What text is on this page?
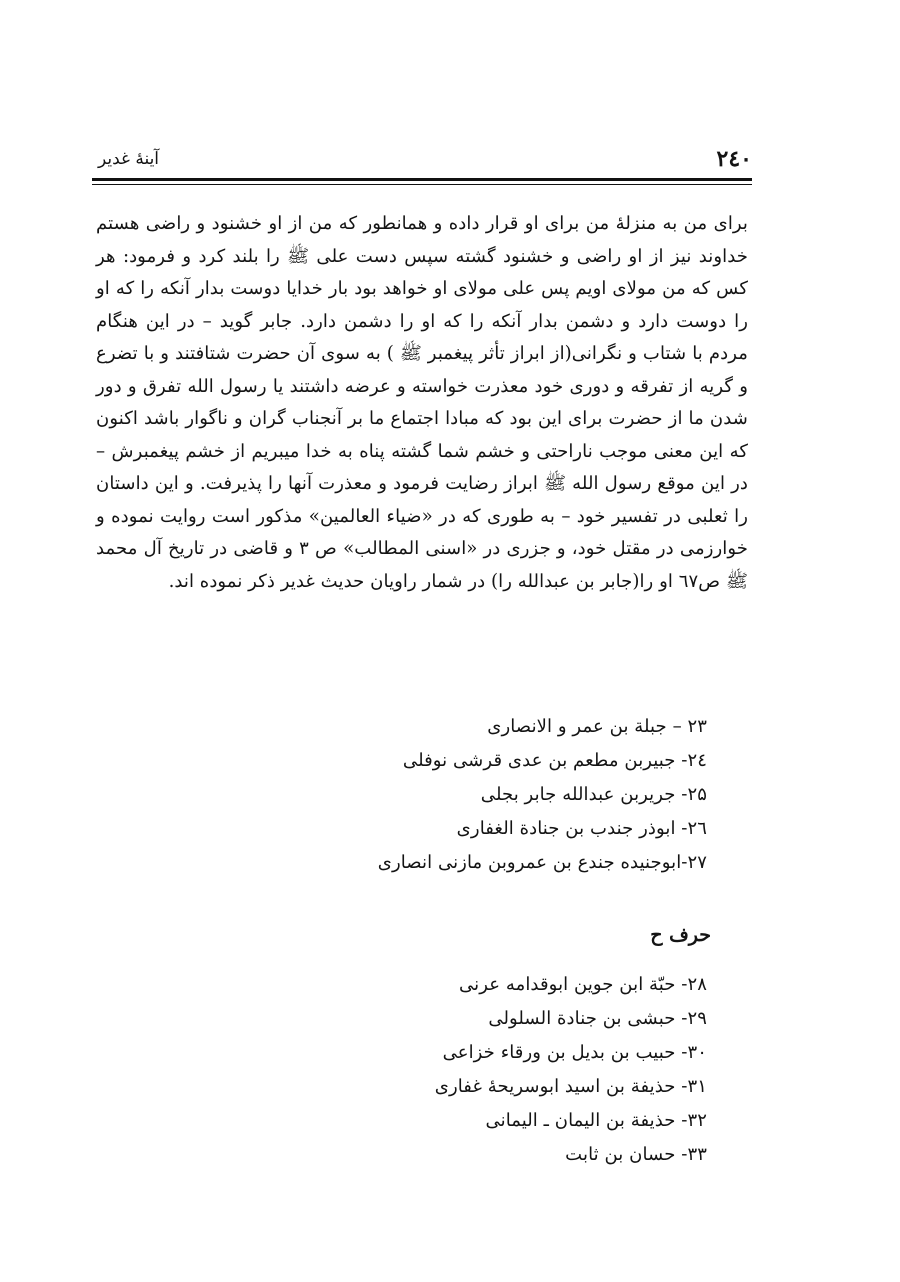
۲٤۰
آینهٔ غدیر
برای من به منزلهٔ من برای او قرار داده و همانطور که من از او خشنود و راضی هستم خداوند نیز از او راضی و خشنود گشته سپس دست علی ﷺ را بلند کرد و فرمود: هر کس که من مولای اویم پس علی مولای او خواهد بود بار خدایا دوست بدار آنکه را که او را دوست دارد و دشمن بدار آنکه را که او را دشمن دارد. جابر گوید – در این هنگام مردم با شتاب و نگرانی(از ابراز تأثر پیغمبر ﷺ ) به سوی آن حضرت شتافتند و با تضرع و گریه از تفرقه و دوری خود معذرت خواسته و عرضه داشتند یا رسول الله تفرق و دور شدن ما از حضرت برای این بود که مبادا اجتماع ما بر آنجناب گران و ناگوار باشد اکنون که این معنی موجب ناراحتی و خشم شما گشته پناه به خدا میبریم از خشم پیغمبرش – در این موقع رسول الله ﷺ ابراز رضایت فرمود و معذرت آنها را پذیرفت. و این داستان را ثعلبی در تفسیر خود – به طوری که در «ضیاء العالمین» مذکور است روایت نموده و خوارزمی در مقتل خود، و جزری در «اسنی المطالب» ص ۳ و قاضی در تاریخ آل محمد ﷺ ص٦٧ او را(جابر بن عبدالله را) در شمار راویان حدیث غدیر ذکر نموده اند.
۲۳ – جبلة بن عمر و الانصاری
۲٤- جبیربن مطعم بن عدی قرشی نوفلی
۲۵- جریربن عبدالله جابر بجلی
۲٦- ابوذر جندب بن جنادة الغفاری
۲۷-ابوجنیده جندع بن عمروبن مازنی انصاری
حرف ح
۲۸- حبّة ابن جوین ابوقدامه عرنی
۲۹- حبشی بن جنادة السلولی
۳۰- حبیب بن بدیل بن ورقاء خزاعی
۳۱- حذیفة بن اسید ابوسریحهٔ غفاری
۳۲- حذیفة بن الیمان ـ الیمانی
۳۳- حسان بن ثابت
